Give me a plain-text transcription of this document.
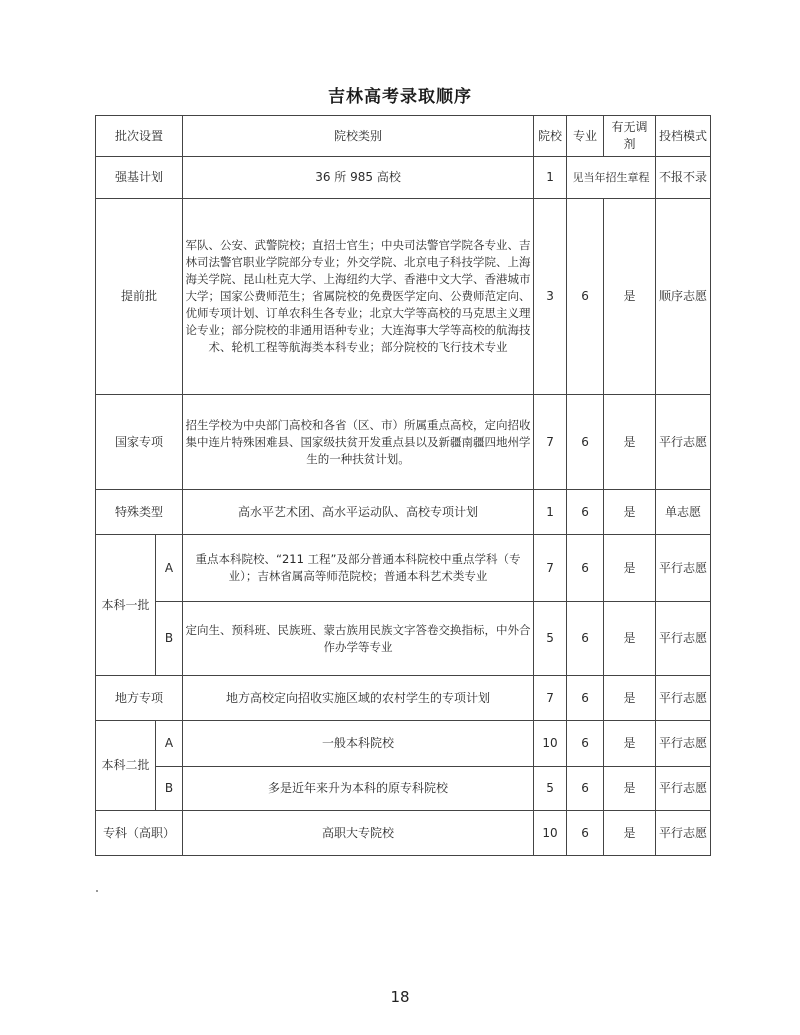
吉林高考录取顺序
批次设置		院校类别	院校	专业	有无调剂	投档模式
强基计划		36 所 985 高校	1	见当年招生章程		不报不录
提前批		军队、公安、武警院校；直招士官生；中央司法警官学院各专业、吉林司法警官职业学院部分专业；外交学院、北京电子科技学院、上海海关学院、昆山杜克大学、上海纽约大学、香港中文大学、香港城市大学；国家公费师范生；省属院校的免费医学定向、公费师范定向、优师专项计划、订单农科生各专业；北京大学等高校的马克思主义理论专业；部分院校的非通用语种专业；大连海事大学等高校的航海技术、轮机工程等航海类本科专业；部分院校的飞行技术专业	3	6	是	顺序志愿
国家专项		招生学校为中央部门高校和各省（区、市）所属重点高校，定向招收集中连片特殊困难县、国家级扶贫开发重点县以及新疆南疆四地州学生的一种扶贫计划。	7	6	是	平行志愿
特殊类型		高水平艺术团、高水平运动队、高校专项计划	1	6	是	单志愿
本科一批	A	重点本科院校、“211 工程”及部分普通本科院校中重点学科（专业）；吉林省属高等师范院校；普通本科艺术类专业	7	6	是	平行志愿
	B	定向生、预科班、民族班、蒙古族用民族文字答卷交换指标，中外合作办学等专业	5	6	是	平行志愿
地方专项		地方高校定向招收实施区域的农村学生的专项计划	7	6	是	平行志愿
本科二批	A	一般本科院校	10	6	是	平行志愿
	B	多是近年来升为本科的原专科院校	5	6	是	平行志愿
专科（高职）		高职大专院校	10	6	是	平行志愿
18
